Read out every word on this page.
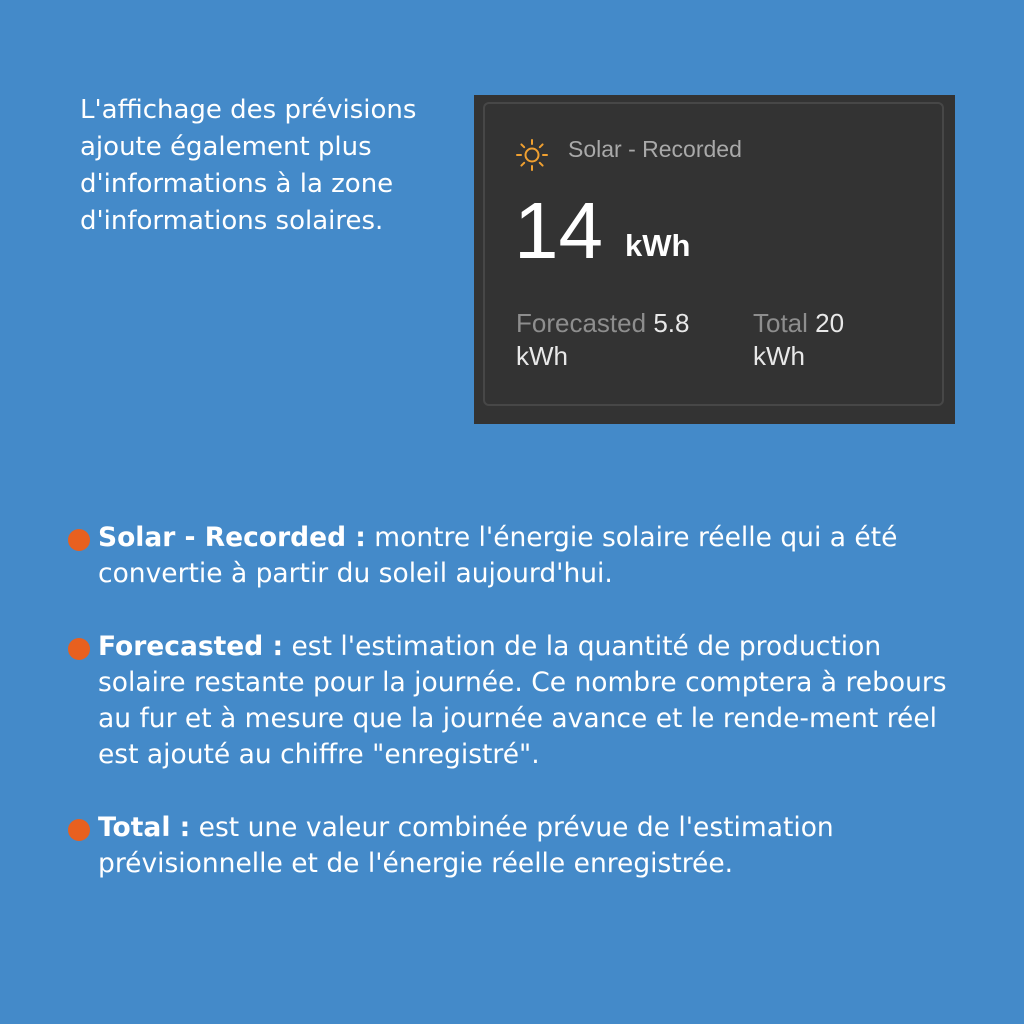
L'affichage des prévisions
ajoute également plus
d'informations à la zone
d'informations solaires.
Solar - Recorded
14 kWh
Forecasted 5.8
kWh
Total 20
kWh
Solar - Recorded : montre l'énergie solaire réelle qui a été convertie à partir du soleil aujourd'hui.
Forecasted : est l'estimation de la quantité de production solaire restante pour la journée. Ce nombre comptera à rebours au fur et à mesure que la journée avance et le rende-ment réel est ajouté au chiffre "enregistré".
Total : est une valeur combinée prévue de l'estimation prévisionnelle et de l'énergie réelle enregistrée.
